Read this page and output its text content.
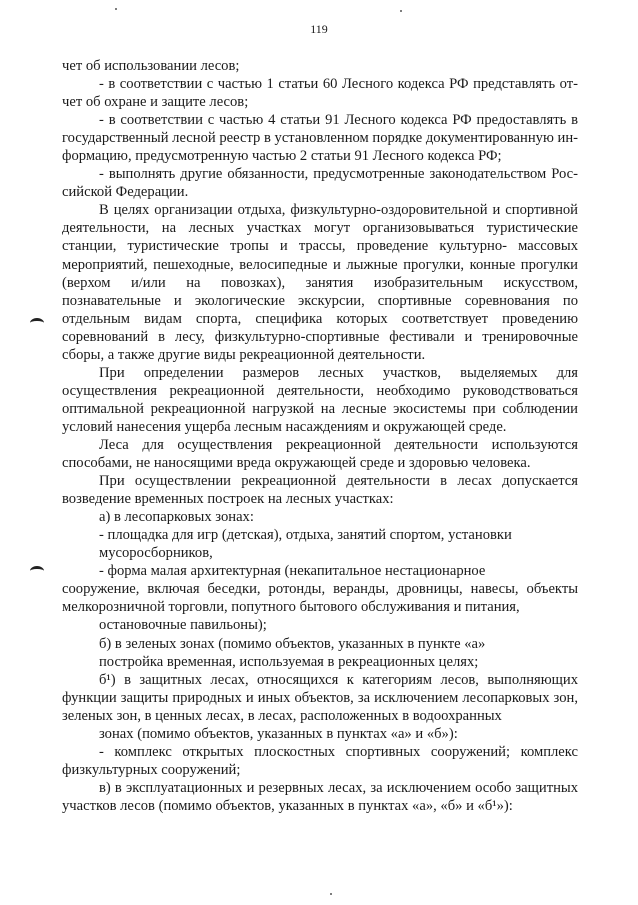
119

чет об использовании лесов;

- в соответствии с частью 1 статьи 60 Лесного кодекса РФ представлять от- чет об охране и защите лесов;

- в соответствии с частью 4 статьи 91 Лесного кодекса РФ предоставлять в государственный лесной реестр в установленном порядке документированную ин- формацию, предусмотренную частью 2 статьи 91 Лесного кодекса РФ;

- выполнять другие обязанности, предусмотренные законодательством Рос- сийской Федерации.

В целях организации отдыха, физкультурно-оздоровительной и спортивной деятельности, на лесных участках могут организовываться туристические станции, туристические тропы и трассы, проведение культурно- массовых мероприятий, пешеходные, велосипедные и лыжные прогулки, конные прогулки (верхом и/или на повозках), занятия изобразительным искусством, познавательные и экологические экскурсии, спортивные соревнования по отдельным видам спорта, специфика которых соответствует проведению соревнований в лесу, физкультурно-спортивные фестивали и тренировочные сборы, а также другие виды рекреационной деятельности.

При определении размеров лесных участков, выделяемых для осуществления рекреационной деятельности, необходимо руководствоваться оптимальной рекреационной нагрузкой на лесные экосистемы при соблюдении условий нанесения ущерба лесным насаждениям и окружающей среде.

Леса для осуществления рекреационной деятельности используются способами, не наносящими вреда окружающей среде и здоровью человека.

При осуществлении рекреационной деятельности в лесах допускается возведение временных построек на лесных участках:

а) в лесопарковых зонах:

- площадка для игр (детская), отдыха, занятий спортом, установки

мусоросборников,

- форма малая архитектурная (некапитальное нестационарное

сооружение, включая беседки, ротонды, веранды, дровницы, навесы, объекты мелкорозничной торговли, попутного бытового обслуживания и питания,

остановочные павильоны);

б) в зеленых зонах (помимо объектов, указанных в пункте «а»

постройка временная, используемая в рекреационных целях;

б¹) в защитных лесах, относящихся к категориям лесов, выполняющих функции защиты природных и иных объектов, за исключением лесопарковых зон, зеленых зон, в ценных лесах, в лесах, расположенных в водоохранных

зонах (помимо объектов, указанных в пунктах «а» и «б»):

- комплекс открытых плоскостных спортивных сооружений; комплекс физкультурных сооружений;

в) в эксплуатационных и резервных лесах, за исключением особо защитных участков лесов (помимо объектов, указанных в пунктах «а», «б» и «б¹»):
